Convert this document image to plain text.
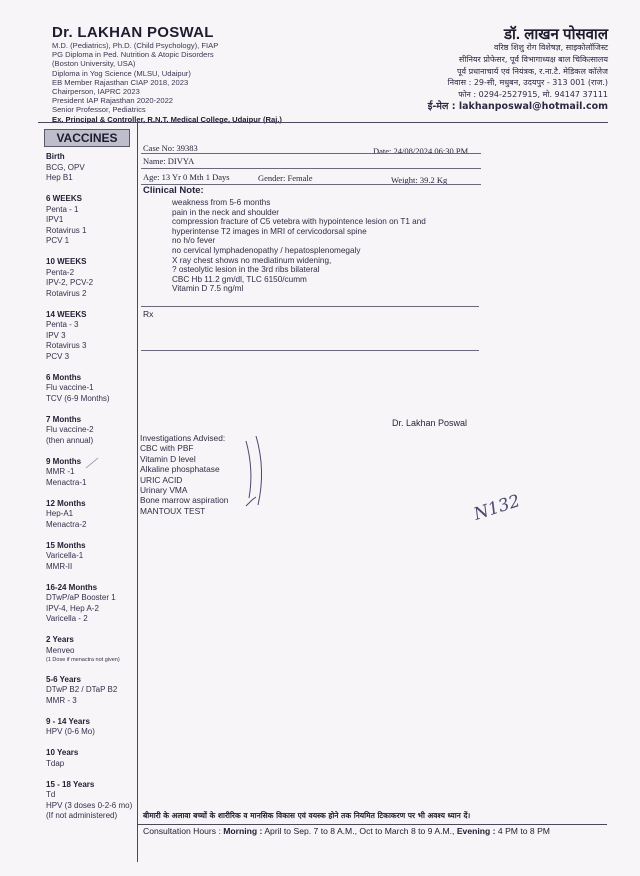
Dr. LAKHAN POSWAL
M.D. (Pediatrics), Ph.D. (Child Psychology), FIAP
PG Diploma in Ped. Nutrition & Atopic Disorders
(Boston University, USA)
Diploma in Yog Science (MLSU, Udaipur)
EB Member Rajasthan CIAP 2018, 2023
Chairperson, IAPRC 2023
President IAP Rajasthan 2020-2022
Senior Professor, Pediatrics
Ex. Principal & Controller, R.N.T. Medical College, Udaipur (Raj.)
डॉ. लाखन पोसवाल
वरिष्ठ शिशु रोग विशेषज्ञ, साइकोलॉजिस्ट
सीनियर प्रोफेसर, पूर्व विभागाध्यक्ष बाल चिकित्सालय
पूर्व प्रधानाचार्य एवं नियंत्रक, र.ना.टै. मेडिकल कॉलेज
निवास : 29-सी, मधुबन, उदयपुर - 313 001 (राज.)
फोन : 0294-2527915, मो. 94147 37111
ई-मेल : lakhanposwal@hotmail.com
VACCINES
Birth
BCG, OPV
Hep B1
6 WEEKS
Penta - 1
IPV1
Rotavirus 1
PCV 1
10 WEEKS
Penta-2
IPV-2, PCV-2
Rotavirus 2
14 WEEKS
Penta - 3
IPV 3
Rotavirus 3
PCV 3
6 Months
Flu vaccine-1
TCV (6-9 Months)
7 Months
Flu vaccine-2
(then annual)
9 Months
MMR -1
Menactra-1
12 Months
Hep-A1
Menactra-2
15 Months
Varicella-1
MMR-II
16-24 Months
DTwP/aP Booster 1
IPV-4, Hep A-2
Varicella - 2
2 Years
Menveo
(1 Dose if menactra not given)
5-6 Years
DTwP B2 / DTaP B2
MMR - 3
9 - 14 Years
HPV (0-6 Mo)
10 Years
Tdap
15 - 18 Years
Td
HPV (3 doses 0-2-6 mo)
(If not administered)
Case No: 39383	Date: 24/08/2024 06:30 PM
Name: DIVYA
Age: 13 Yr 0 Mth 1 Days	Gender: Female	Weight: 39.2 Kg
Clinical Note:
weakness from 5-6 months
pain in the neck and shoulder
compression fracture of C5 vetebra with hypointence lesion on T1 and
hyperintense T2 images in MRI of cervicodorsal spine
no h/o fever
no cervical lymphadenopathy / hepatosplenomegaly
X ray chest shows no mediatinum widening,
? osteolytic lesion in the 3rd ribs bilateral
CBC Hb 11.2 gm/dl, TLC 6150/cumm
Vitamin D 7.5 ng/ml
Rx
Dr. Lakhan Poswal
Investigations Advised:
CBC with PBF
Vitamin D level
Alkaline phosphatase
URIC ACID
Urinary VMA
Bone marrow aspiration
MANTOUX TEST	N132
बीमारी के अलावा बच्चों के शारीरिक व मानसिक विकास एवं वयस्क होने तक नियमित टिकाकरण पर भी अवश्य ध्यान दें।
Consultation Hours : Morning : April to Sep. 7 to 8 A.M., Oct to March 8 to 9 A.M., Evening : 4 PM to 8 PM
